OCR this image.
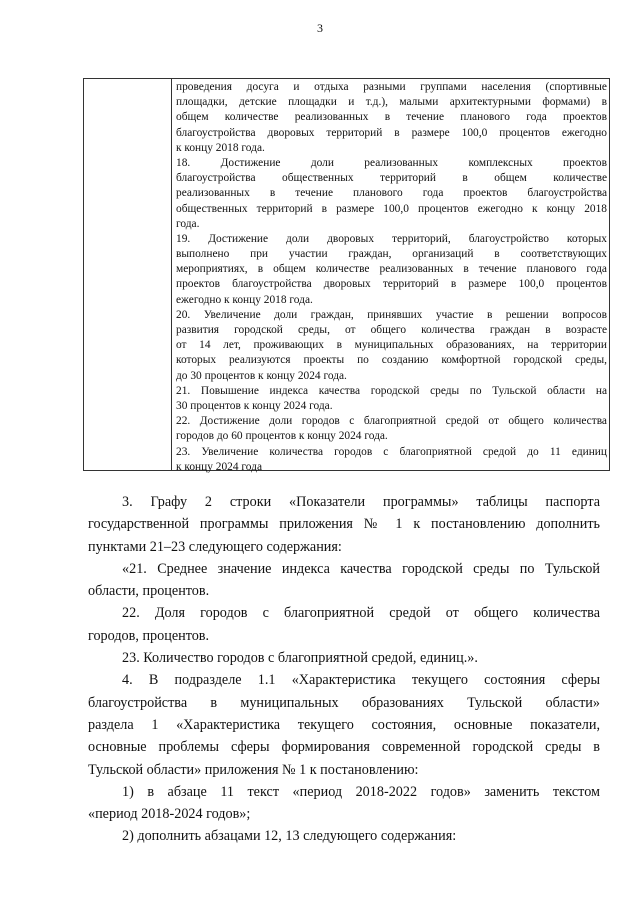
3
проведения досуга и отдыха разными группами населения (спортивные
площадки, детские площадки и т.д.), малыми архитектурными формами) в
общем количестве реализованных в течение планового года проектов
благоустройства дворовых территорий в размере 100,0 процентов ежегодно
к концу 2018 года.
18. Достижение доли реализованных комплексных проектов
благоустройства общественных территорий в общем количестве
реализованных в течение планового года проектов благоустройства
общественных территорий в размере 100,0 процентов ежегодно к концу 2018
года.
19. Достижение доли дворовых территорий, благоустройство которых
выполнено при участии граждан, организаций в соответствующих
мероприятиях, в общем количестве реализованных в течение планового года
проектов благоустройства дворовых территорий в размере 100,0 процентов
ежегодно к концу 2018 года.
20. Увеличение доли граждан, принявших участие в решении вопросов
развития городской среды, от общего количества граждан в возрасте
от 14 лет, проживающих в муниципальных образованиях, на территории
которых реализуются проекты по созданию комфортной городской среды,
до 30 процентов к концу 2024 года.
21. Повышение индекса качества городской среды по Тульской области на
30 процентов к концу 2024 года.
22. Достижение доли городов с благоприятной средой от общего количества
городов до 60 процентов к концу 2024 года.
23. Увеличение количества городов с благоприятной средой до 11 единиц
к концу 2024 года
3. Графу 2 строки «Показатели программы» таблицы паспорта
государственной программы приложения № 1 к постановлению дополнить
пунктами 21–23 следующего содержания:
«21. Среднее значение индекса качества городской среды по Тульской
области, процентов.
22. Доля городов с благоприятной средой от общего количества
городов, процентов.
23. Количество городов с благоприятной средой, единиц.».
4. В подразделе 1.1 «Характеристика текущего состояния сферы
благоустройства в муниципальных образованиях Тульской области»
раздела 1 «Характеристика текущего состояния, основные показатели,
основные проблемы сферы формирования современной городской среды в
Тульской области» приложения № 1 к постановлению:
1) в абзаце 11 текст «период 2018-2022 годов» заменить текстом
«период 2018-2024 годов»;
2) дополнить абзацами 12, 13 следующего содержания:
